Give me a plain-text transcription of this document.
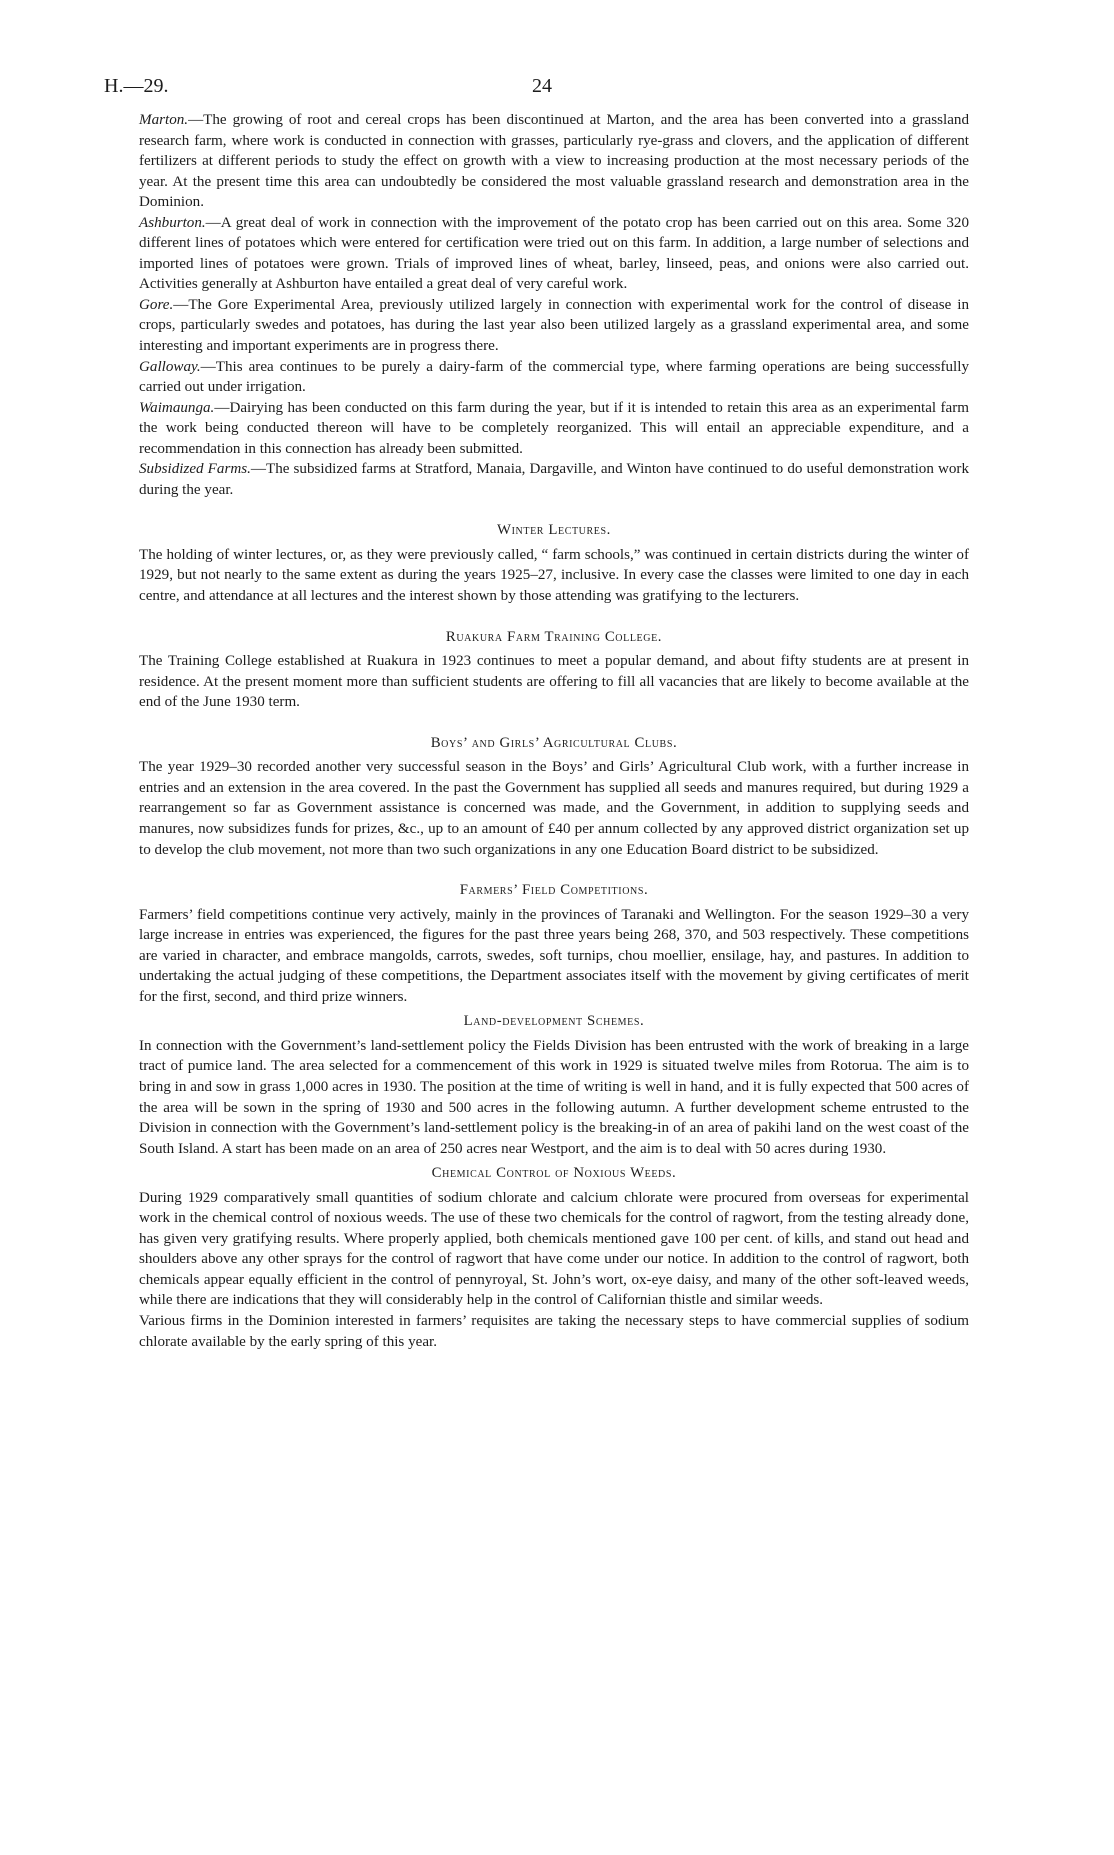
H.—29.	24

Marton.—The growing of root and cereal crops has been discontinued at Marton, and the area has been converted into a grassland research farm, where work is conducted in connection with grasses, particularly rye-grass and clovers, and the application of different fertilizers at different periods to study the effect on growth with a view to increasing production at the most necessary periods of the year. At the present time this area can undoubtedly be considered the most valuable grassland research and demonstration area in the Dominion.

Ashburton.—A great deal of work in connection with the improvement of the potato crop has been carried out on this area. Some 320 different lines of potatoes which were entered for certification were tried out on this farm. In addition, a large number of selections and imported lines of potatoes were grown. Trials of improved lines of wheat, barley, linseed, peas, and onions were also carried out. Activities generally at Ashburton have entailed a great deal of very careful work.

Gore.—The Gore Experimental Area, previously utilized largely in connection with experimental work for the control of disease in crops, particularly swedes and potatoes, has during the last year also been utilized largely as a grassland experimental area, and some interesting and important experiments are in progress there.

Galloway.—This area continues to be purely a dairy-farm of the commercial type, where farming operations are being successfully carried out under irrigation.

Waimaunga.—Dairying has been conducted on this farm during the year, but if it is intended to retain this area as an experimental farm the work being conducted thereon will have to be completely reorganized. This will entail an appreciable expenditure, and a recommendation in this connection has already been submitted.

Subsidized Farms.—The subsidized farms at Stratford, Manaia, Dargaville, and Winton have continued to do useful demonstration work during the year.

Winter Lectures.

The holding of winter lectures, or, as they were previously called, “ farm schools,” was continued in certain districts during the winter of 1929, but not nearly to the same extent as during the years 1925–27, inclusive. In every case the classes were limited to one day in each centre, and attendance at all lectures and the interest shown by those attending was gratifying to the lecturers.

Ruakura Farm Training College.

The Training College established at Ruakura in 1923 continues to meet a popular demand, and about fifty students are at present in residence. At the present moment more than sufficient students are offering to fill all vacancies that are likely to become available at the end of the June 1930 term.

Boys’ and Girls’ Agricultural Clubs.

The year 1929–30 recorded another very successful season in the Boys’ and Girls’ Agricultural Club work, with a further increase in entries and an extension in the area covered. In the past the Government has supplied all seeds and manures required, but during 1929 a rearrangement so far as Government assistance is concerned was made, and the Government, in addition to supplying seeds and manures, now subsidizes funds for prizes, &c., up to an amount of £40 per annum collected by any approved district organization set up to develop the club movement, not more than two such organizations in any one Education Board district to be subsidized.

Farmers’ Field Competitions.

Farmers’ field competitions continue very actively, mainly in the provinces of Taranaki and Wellington. For the season 1929–30 a very large increase in entries was experienced, the figures for the past three years being 268, 370, and 503 respectively. These competitions are varied in character, and embrace mangolds, carrots, swedes, soft turnips, chou moellier, ensilage, hay, and pastures. In addition to undertaking the actual judging of these competitions, the Department associates itself with the movement by giving certificates of merit for the first, second, and third prize winners.

Land-development Schemes.

In connection with the Government’s land-settlement policy the Fields Division has been entrusted with the work of breaking in a large tract of pumice land. The area selected for a commencement of this work in 1929 is situated twelve miles from Rotorua. The aim is to bring in and sow in grass 1,000 acres in 1930. The position at the time of writing is well in hand, and it is fully expected that 500 acres of the area will be sown in the spring of 1930 and 500 acres in the following autumn. A further development scheme entrusted to the Division in connection with the Government’s land-settlement policy is the breaking-in of an area of pakihi land on the west coast of the South Island. A start has been made on an area of 250 acres near Westport, and the aim is to deal with 50 acres during 1930.

Chemical Control of Noxious Weeds.

During 1929 comparatively small quantities of sodium chlorate and calcium chlorate were procured from overseas for experimental work in the chemical control of noxious weeds. The use of these two chemicals for the control of ragwort, from the testing already done, has given very gratifying results. Where properly applied, both chemicals mentioned gave 100 per cent. of kills, and stand out head and shoulders above any other sprays for the control of ragwort that have come under our notice. In addition to the control of ragwort, both chemicals appear equally efficient in the control of pennyroyal, St. John’s wort, ox-eye daisy, and many of the other soft-leaved weeds, while there are indications that they will considerably help in the control of Californian thistle and similar weeds.

Various firms in the Dominion interested in farmers’ requisites are taking the necessary steps to have commercial supplies of sodium chlorate available by the early spring of this year.
